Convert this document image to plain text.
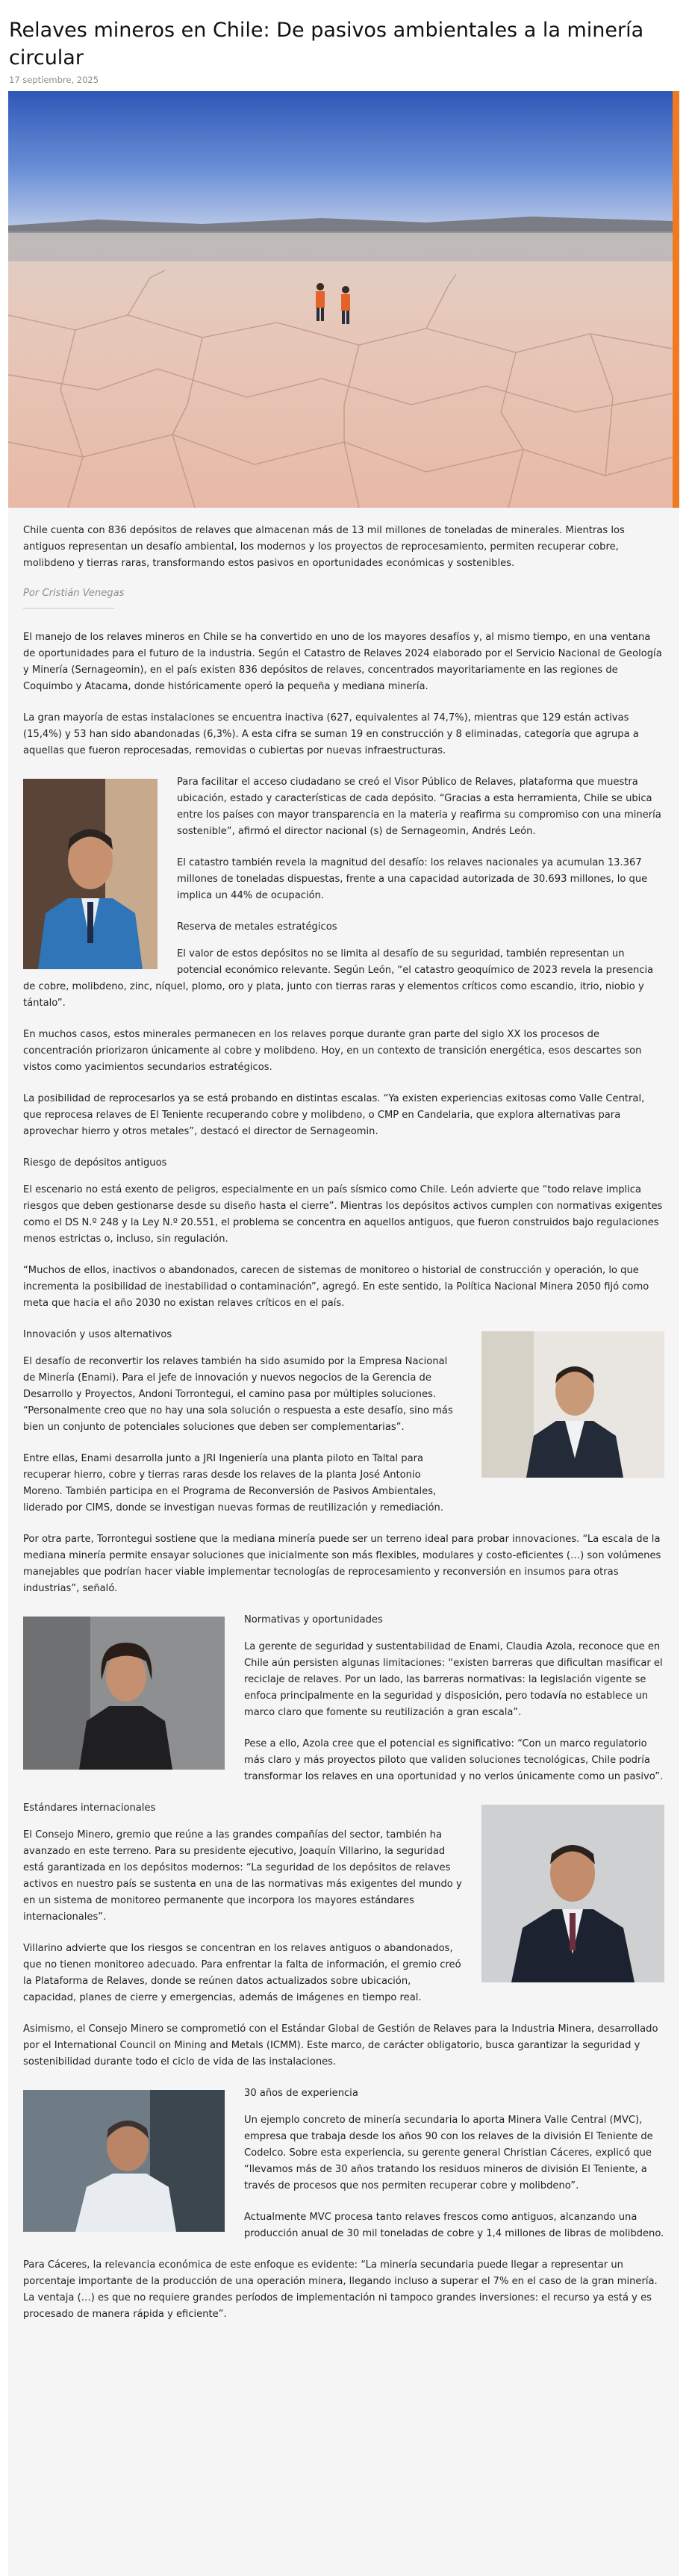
Relaves mineros en Chile: De pasivos ambientales a la minería circular
17 septiembre, 2025

Chile cuenta con 836 depósitos de relaves que almacenan más de 13 mil millones de toneladas de minerales. Mientras los antiguos representan un desafío ambiental, los modernos y los proyectos de reprocesamiento, permiten recuperar cobre, molibdeno y tierras raras, transformando estos pasivos en oportunidades económicas y sostenibles.

Por Cristián Venegas

El manejo de los relaves mineros en Chile se ha convertido en uno de los mayores desafíos y, al mismo tiempo, en una ventana de oportunidades para el futuro de la industria. Según el Catastro de Relaves 2024 elaborado por el Servicio Nacional de Geología y Minería (Sernageomin), en el país existen 836 depósitos de relaves, concentrados mayoritariamente en las regiones de Coquimbo y Atacama, donde históricamente operó la pequeña y mediana minería.

La gran mayoría de estas instalaciones se encuentra inactiva (627, equivalentes al 74,7%), mientras que 129 están activas (15,4%) y 53 han sido abandonadas (6,3%). A esta cifra se suman 19 en construcción y 8 eliminadas, categoría que agrupa a aquellas que fueron reprocesadas, removidas o cubiertas por nuevas infraestructuras.

Para facilitar el acceso ciudadano se creó el Visor Público de Relaves, plataforma que muestra ubicación, estado y características de cada depósito. “Gracias a esta herramienta, Chile se ubica entre los países con mayor transparencia en la materia y reafirma su compromiso con una minería sostenible”, afirmó el director nacional (s) de Sernageomin, Andrés León.

El catastro también revela la magnitud del desafío: los relaves nacionales ya acumulan 13.367 millones de toneladas dispuestas, frente a una capacidad autorizada de 30.693 millones, lo que implica un 44% de ocupación.

Reserva de metales estratégicos

El valor de estos depósitos no se limita al desafío de su seguridad, también representan un potencial económico relevante. Según León, “el catastro geoquímico de 2023 revela la presencia de cobre, molibdeno, zinc, níquel, plomo, oro y plata, junto con tierras raras y elementos críticos como escandio, itrio, niobio y tántalo”.

En muchos casos, estos minerales permanecen en los relaves porque durante gran parte del siglo XX los procesos de concentración priorizaron únicamente al cobre y molibdeno. Hoy, en un contexto de transición energética, esos descartes son vistos como yacimientos secundarios estratégicos.

La posibilidad de reprocesarlos ya se está probando en distintas escalas. “Ya existen experiencias exitosas como Valle Central, que reprocesa relaves de El Teniente recuperando cobre y molibdeno, o CMP en Candelaria, que explora alternativas para aprovechar hierro y otros metales”, destacó el director de Sernageomin.

Riesgo de depósitos antiguos

El escenario no está exento de peligros, especialmente en un país sísmico como Chile. León advierte que “todo relave implica riesgos que deben gestionarse desde su diseño hasta el cierre”. Mientras los depósitos activos cumplen con normativas exigentes como el DS N.º 248 y la Ley N.º 20.551, el problema se concentra en aquellos antiguos, que fueron construidos bajo regulaciones menos estrictas o, incluso, sin regulación.

“Muchos de ellos, inactivos o abandonados, carecen de sistemas de monitoreo o historial de construcción y operación, lo que incrementa la posibilidad de inestabilidad o contaminación”, agregó. En este sentido, la Política Nacional Minera 2050 fijó como meta que hacia el año 2030 no existan relaves críticos en el país.

Innovación y usos alternativos

El desafío de reconvertir los relaves también ha sido asumido por la Empresa Nacional de Minería (Enami). Para el jefe de innovación y nuevos negocios de la Gerencia de Desarrollo y Proyectos, Andoni Torrontegui, el camino pasa por múltiples soluciones. “Personalmente creo que no hay una sola solución o respuesta a este desafío, sino más bien un conjunto de potenciales soluciones que deben ser complementarias”.

Entre ellas, Enami desarrolla junto a JRI Ingeniería una planta piloto en Taltal para recuperar hierro, cobre y tierras raras desde los relaves de la planta José Antonio Moreno. También participa en el Programa de Reconversión de Pasivos Ambientales, liderado por CIMS, donde se investigan nuevas formas de reutilización y remediación.

Por otra parte, Torrontegui sostiene que la mediana minería puede ser un terreno ideal para probar innovaciones. “La escala de la mediana minería permite ensayar soluciones que inicialmente son más flexibles, modulares y costo-eficientes (…) son volúmenes manejables que podrían hacer viable implementar tecnologías de reprocesamiento y reconversión en insumos para otras industrias”, señaló.

Normativas y oportunidades

La gerente de seguridad y sustentabilidad de Enami, Claudia Azola, reconoce que en Chile aún persisten algunas limitaciones: “existen barreras que dificultan masificar el reciclaje de relaves. Por un lado, las barreras normativas: la legislación vigente se enfoca principalmente en la seguridad y disposición, pero todavía no establece un marco claro que fomente su reutilización a gran escala”.

Pese a ello, Azola cree que el potencial es significativo: “Con un marco regulatorio más claro y más proyectos piloto que validen soluciones tecnológicas, Chile podría transformar los relaves en una oportunidad y no verlos únicamente como un pasivo”.

Estándares internacionales

El Consejo Minero, gremio que reúne a las grandes compañías del sector, también ha avanzado en este terreno. Para su presidente ejecutivo, Joaquín Villarino, la seguridad está garantizada en los depósitos modernos: “La seguridad de los depósitos de relaves activos en nuestro país se sustenta en una de las normativas más exigentes del mundo y en un sistema de monitoreo permanente que incorpora los mayores estándares internacionales”.

Villarino advierte que los riesgos se concentran en los relaves antiguos o abandonados, que no tienen monitoreo adecuado. Para enfrentar la falta de información, el gremio creó la Plataforma de Relaves, donde se reúnen datos actualizados sobre ubicación, capacidad, planes de cierre y emergencias, además de imágenes en tiempo real.

Asimismo, el Consejo Minero se comprometió con el Estándar Global de Gestión de Relaves para la Industria Minera, desarrollado por el International Council on Mining and Metals (ICMM). Este marco, de carácter obligatorio, busca garantizar la seguridad y sostenibilidad durante todo el ciclo de vida de las instalaciones.

30 años de experiencia

Un ejemplo concreto de minería secundaria lo aporta Minera Valle Central (MVC), empresa que trabaja desde los años 90 con los relaves de la división El Teniente de Codelco. Sobre esta experiencia, su gerente general Christian Cáceres, explicó que “llevamos más de 30 años tratando los residuos mineros de división El Teniente, a través de procesos que nos permiten recuperar cobre y molibdeno”.

Actualmente MVC procesa tanto relaves frescos como antiguos, alcanzando una producción anual de 30 mil toneladas de cobre y 1,4 millones de libras de molibdeno.

Para Cáceres, la relevancia económica de este enfoque es evidente: “La minería secundaria puede llegar a representar un porcentaje importante de la producción de una operación minera, llegando incluso a superar el 7% en el caso de la gran minería. La ventaja (…) es que no requiere grandes períodos de implementación ni tampoco grandes inversiones: el recurso ya está y es procesado de manera rápida y eficiente”.
